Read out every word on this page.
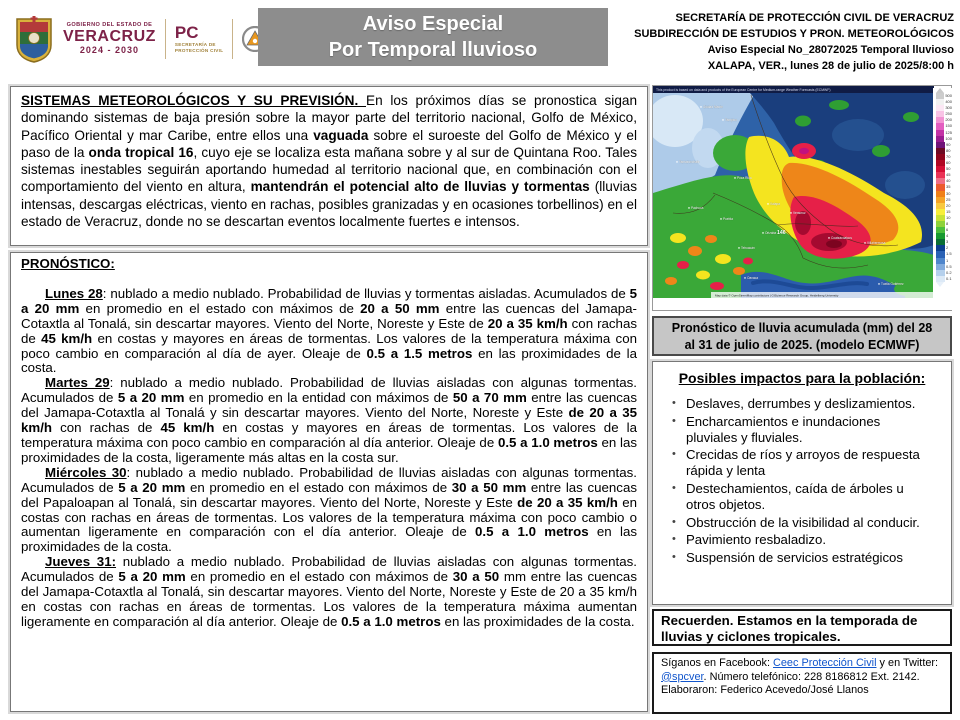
GOBIERNO DEL ESTADO DE
VERACRUZ
2024 - 2030
PC
SECRETARÍA DE
PROTECCIÓN CIVIL
Aviso Especial
Por Temporal lluvioso
SECRETARÍA DE PROTECCIÓN CIVIL DE VERACRUZ
SUBDIRECCIÓN DE ESTUDIOS Y PRON. METEOROLÓGICOS
Aviso Especial No_28072025 Temporal lluvioso
XALAPA, VER., lunes 28 de julio de 2025/8:00 h

SISTEMAS METEOROLÓGICOS Y SU PREVISIÓN. En los próximos días se pronostica sigan dominando sistemas de baja presión sobre la mayor parte del territorio nacional, Golfo de México, Pacífico Oriental y mar Caribe, entre ellos una vaguada sobre el suroeste del Golfo de México y el paso de la onda tropical 16, cuyo eje se localiza esta mañana sobre y al sur de Quintana Roo. Tales sistemas inestables seguirán aportando humedad al territorio nacional que, en combinación con el comportamiento del viento en altura, mantendrán el potencial alto de lluvias y tormentas (lluvias intensas, descargas eléctricas, viento en rachas, posibles granizadas y en ocasiones torbellinos) en el estado de Veracruz, donde no se descartan eventos localmente fuertes e intensos.

PRONÓSTICO:

Lunes 28: nublado a medio nublado. Probabilidad de lluvias y tormentas aisladas. Acumulados de 5 a 20 mm en promedio en el estado con máximos de 20 a 50 mm entre las cuencas del Jamapa-Cotaxtla al Tonalá, sin descartar mayores. Viento del Norte, Noreste y Este de 20 a 35 km/h con rachas de 45 km/h en costas y mayores en áreas de tormentas. Los valores de la temperatura máxima con poco cambio en comparación al día de ayer. Oleaje de 0.5 a 1.5 metros en las proximidades de la costa.

Martes 29: nublado a medio nublado. Probabilidad de lluvias aisladas con algunas tormentas. Acumulados de 5 a 20 mm en promedio en la entidad con máximos de 50 a 70 mm entre las cuencas del Jamapa-Cotaxtla al Tonalá y sin descartar mayores. Viento del Norte, Noreste y Este de 20 a 35 km/h con rachas de 45 km/h en costas y mayores en áreas de tormentas. Los valores de la temperatura máxima con poco cambio en comparación al día anterior. Oleaje de 0.5 a 1.0 metros en las proximidades de la costa, ligeramente más altas en la costa sur.

Miércoles 30: nublado a medio nublado. Probabilidad de lluvias aisladas con algunas tormentas. Acumulados de 5 a 20 mm en promedio en el estado con máximos de 30 a 50 mm entre las cuencas del Papaloapan al Tonalá, sin descartar mayores. Viento del Norte, Noreste y Este de 20 a 35 km/h en costas con rachas en áreas de tormentas. Los valores de la temperatura máxima con poco cambio o aumentan ligeramente en comparación con el día anterior. Oleaje de 0.5 a 1.0 metros en las proximidades de la costa.

Jueves 31: nublado a medio nublado. Probabilidad de lluvias aisladas con algunas tormentas. Acumulados de 5 a 20 mm en promedio en el estado con máximos de 30 a 50 mm entre las cuencas del Jamapa-Cotaxtla al Tonalá, sin descartar mayores. Viento del Norte, Noreste y Este de 20 a 35 km/h en costas con rachas en áreas de tormentas. Los valores de la temperatura máxima aumentan ligeramente en comparación al día anterior. Oleaje de 0.5 a 1.0 metros en las proximidades de la costa.

This product is based on data and products of the European Centre for Medium-range Weather Forecasts (ECMWF)
Ciudad Mante
Tampico
Tamazunchale
Poza Rica
Pachuca
Puebla
Xalapa
Veracruz
Orizaba
Tehuacán
Coatzacoalcos
Villahermosa
Oaxaca
Tuxtla Gutiérrez
146
Map data © OpenStreetMap contributors | GIScience Research Group, Heidelberg University
500
400
300
250
200
150
125
100
90
80
70
60
50
45
40
35
30
25
20
15
10
8
6
4
3
2
1.5
1
0.5
0.2
0.1
Pronóstico de lluvia acumulada (mm) del 28
al 31 de julio de 2025. (modelo ECMWF)
Posibles impactos para la población:
• Deslaves, derrumbes y deslizamientos.
• Encharcamientos e inundaciones pluviales y fluviales.
• Crecidas de ríos y arroyos de respuesta rápida y lenta
• Destechamientos, caída de árboles u otros objetos.
• Obstrucción de la visibilidad al conducir.
• Pavimiento resbaladizo.
• Suspensión de servicios estratégicos
Recuerden. Estamos en la temporada de lluvias y ciclones tropicales.

Síganos en Facebook: Ceec Protección Civil y en Twitter: @spcver. Número telefónico: 228 8186812 Ext. 2142.

Elaboraron: Federico Acevedo/José Llanos
